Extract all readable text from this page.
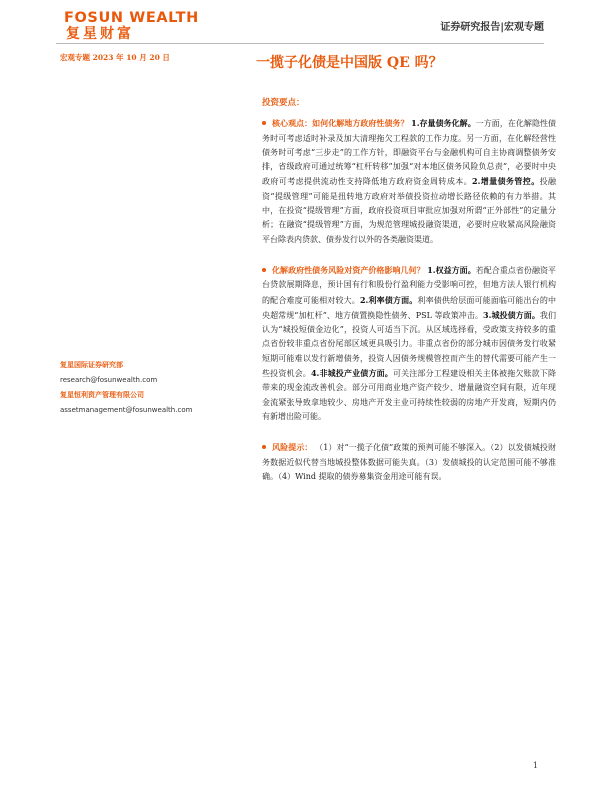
FOSUN WEALTH
复星财富	证券研究报告|宏观专题
宏观专题 2023 年 10 月 20 日	一揽子化债是中国版 QE 吗？
复星国际证券研究部
research@fosunwealth.com
复星恒利资产管理有限公司
assetmanagement@fosunwealth.com
投资要点：
核心观点：如何化解地方政府性债务？ 1.存量债务化解。一方面，在化解隐性债务时可考虑适时补录及加大清理拖欠工程款的工作力度。另一方面，在化解经营性债务时可考虑“三步走”的工作方针，即融资平台与金融机构可自主协商调整债务安排，省级政府可通过统筹“杠杆转移”加强“对本地区债务风险负总责”，必要时中央政府可考虑提供流动性支持降低地方政府资金周转成本。2.增量债务管控。投融资“提级管理”可能是扭转地方政府对举债投资拉动增长路径依赖的有力举措。其中，在投资“提级管理”方面，政府投资项目审批应加强对所谓“正外部性”的定量分析；在融资“提级管理”方面，为规范管理城投融资渠道，必要时应收紧高风险融资平台除表内贷款、债券发行以外的各类融资渠道。
化解政府性债务风险对资产价格影响几何？ 1.权益方面。若配合重点省份融资平台贷款展期降息，预计国有行和股份行盈利能力受影响可控，但地方法人银行机构的配合难度可能相对较大。2.利率债方面。利率债供给层面可能面临可能出台的中央超常规“加杠杆”、地方债置换隐性债务、PSL 等政策冲击。3.城投债方面。我们认为“城投短债金边化”，投资人可适当下沉。从区域选择看，受政策支持较多的重点省份较非重点省份尾部区域更具吸引力。非重点省份的部分城市因债务发行收紧短期可能难以发行新增债务，投资人因债务规模管控而产生的替代需要可能产生一些投资机会。4.非城投产业债方面。可关注部分工程建设相关主体被拖欠账款下降带来的现金流改善机会。部分可用商业地产资产较少、增量融资空间有限，近年现金流紧张导致拿地较少、房地产开发主业可持续性较弱的房地产开发商，短期内仍有新增出险可能。
风险提示： （1）对“一揽子化债”政策的预判可能不够深入。（2）以发债城投财务数据近似代替当地城投整体数据可能失真。（3）发债城投的认定范围可能不够准确。（4）Wind 提取的债券募集资金用途可能有误。
1
